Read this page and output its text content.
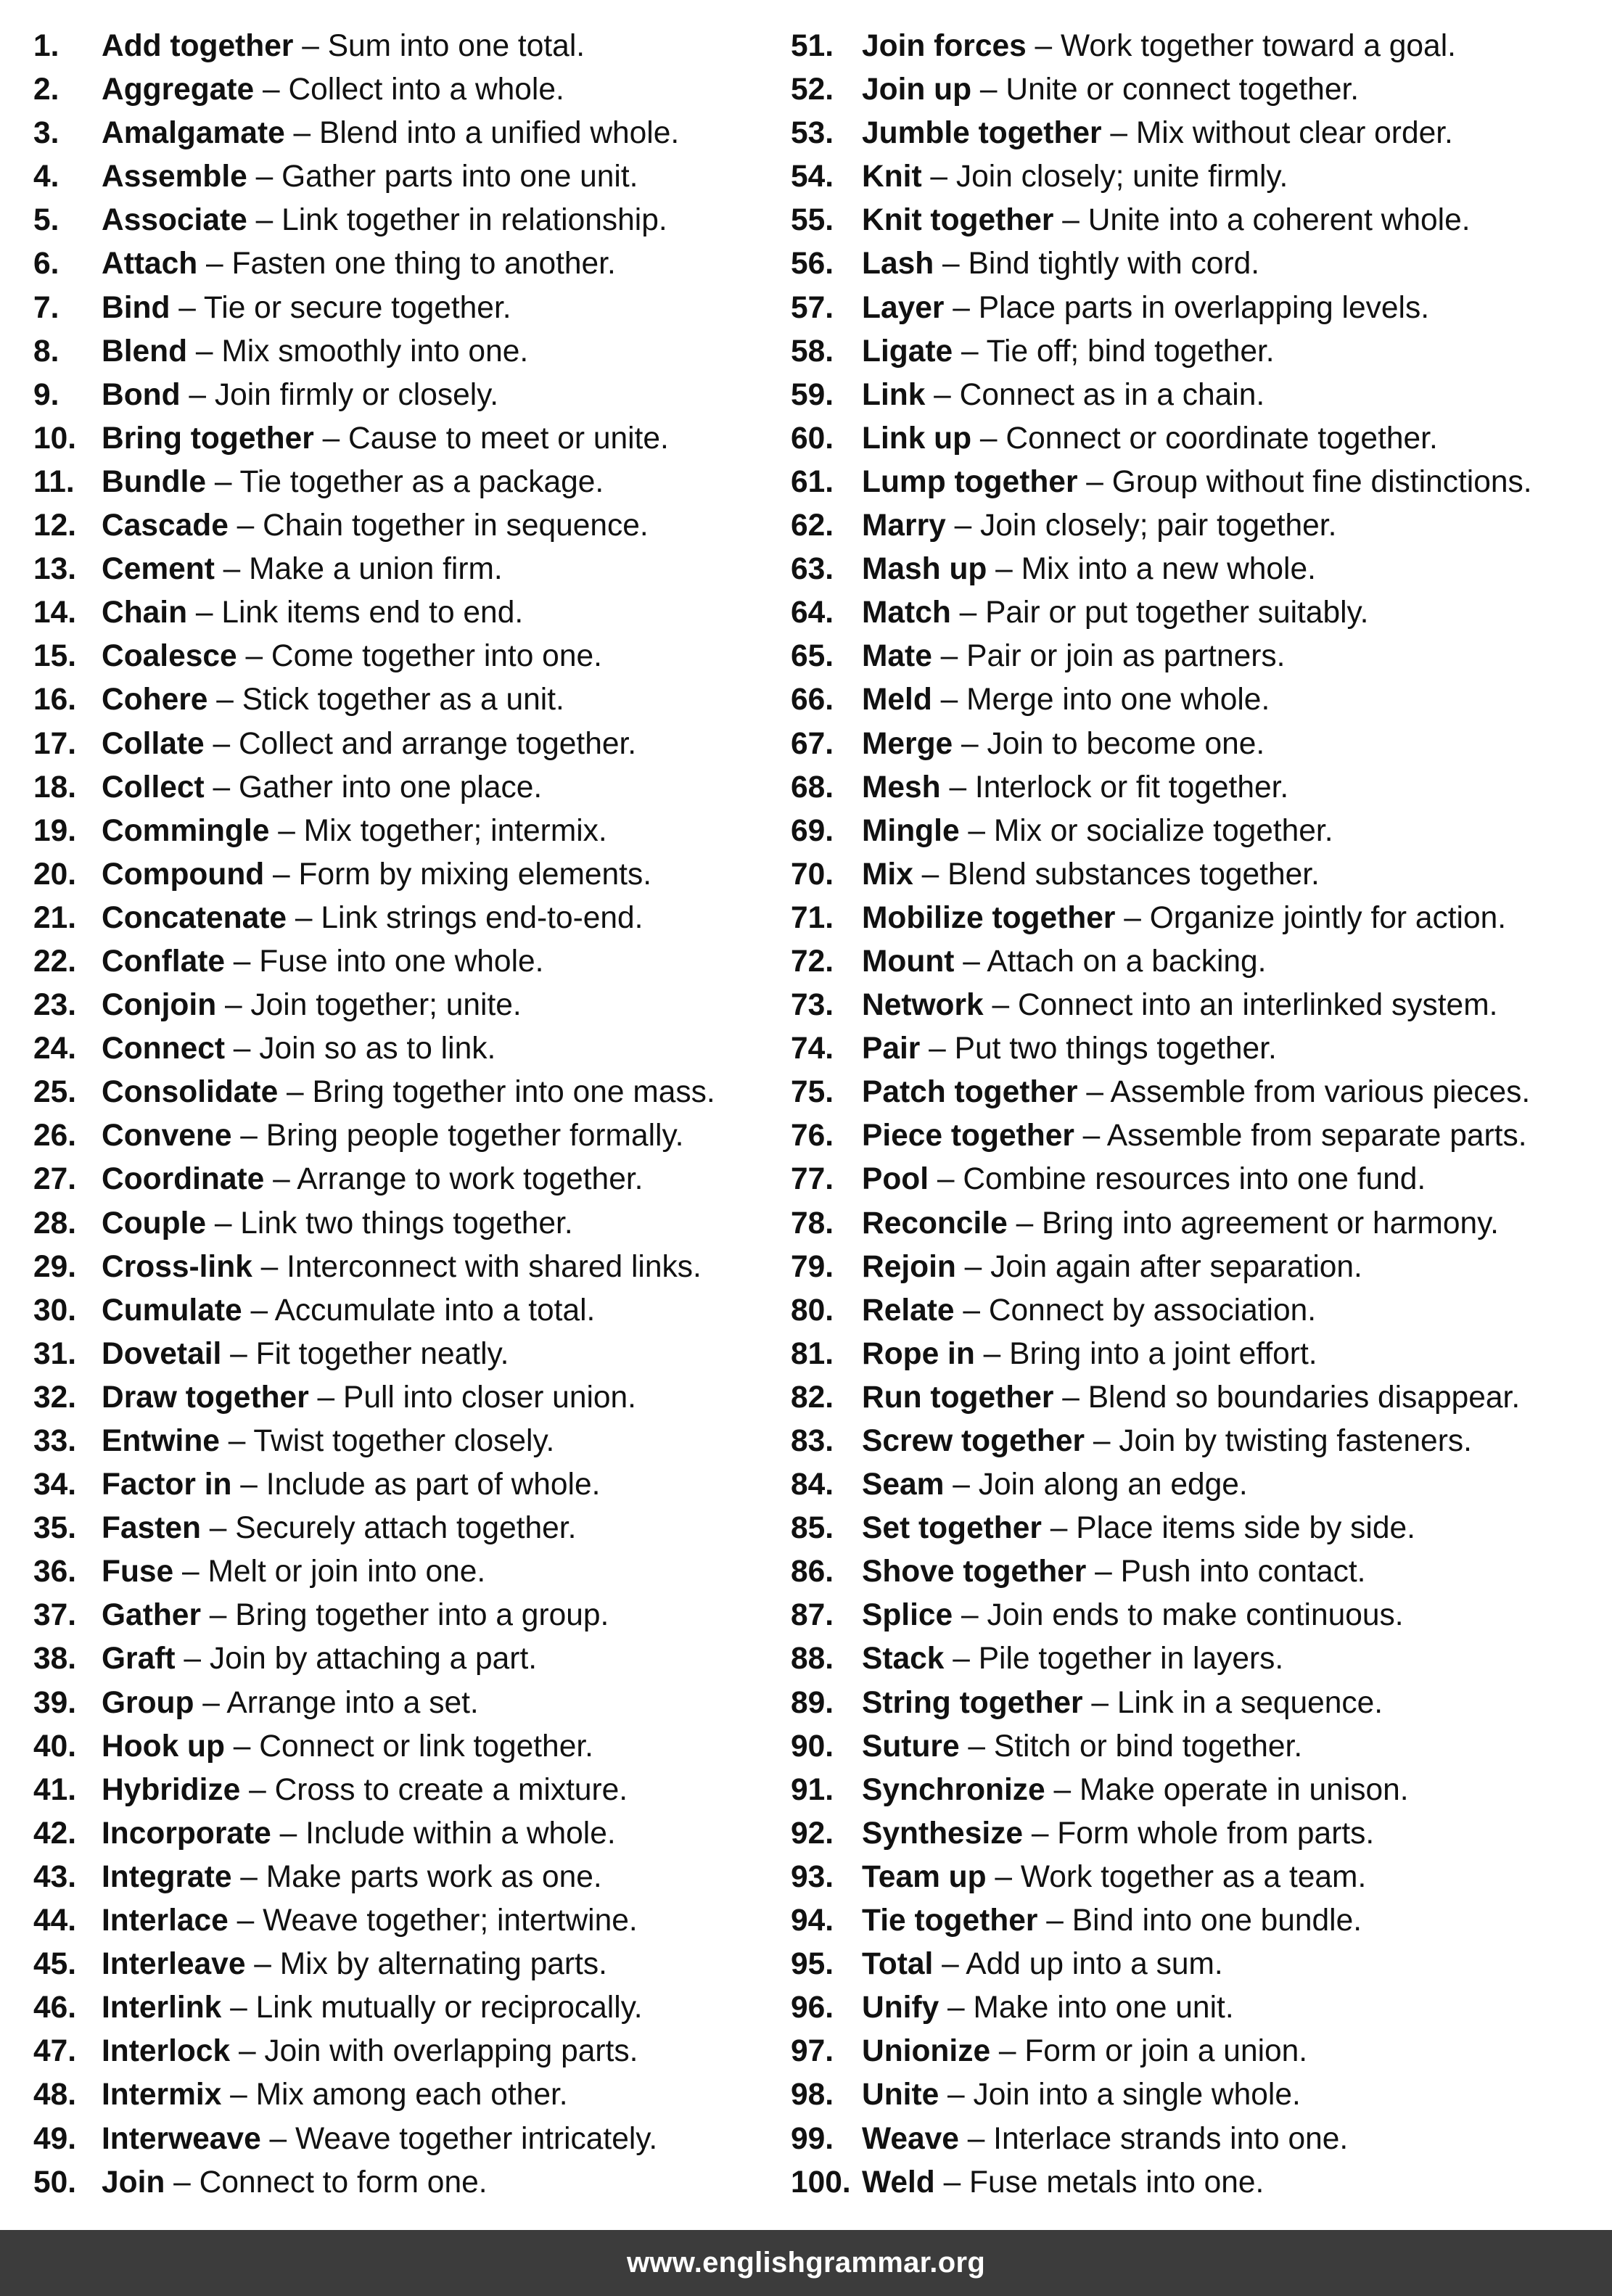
1. Add together – Sum into one total.
2. Aggregate – Collect into a whole.
3. Amalgamate – Blend into a unified whole.
4. Assemble – Gather parts into one unit.
5. Associate – Link together in relationship.
6. Attach – Fasten one thing to another.
7. Bind – Tie or secure together.
8. Blend – Mix smoothly into one.
9. Bond – Join firmly or closely.
10. Bring together – Cause to meet or unite.
11. Bundle – Tie together as a package.
12. Cascade – Chain together in sequence.
13. Cement – Make a union firm.
14. Chain – Link items end to end.
15. Coalesce – Come together into one.
16. Cohere – Stick together as a unit.
17. Collate – Collect and arrange together.
18. Collect – Gather into one place.
19. Commingle – Mix together; intermix.
20. Compound – Form by mixing elements.
21. Concatenate – Link strings end-to-end.
22. Conflate – Fuse into one whole.
23. Conjoin – Join together; unite.
24. Connect – Join so as to link.
25. Consolidate – Bring together into one mass.
26. Convene – Bring people together formally.
27. Coordinate – Arrange to work together.
28. Couple – Link two things together.
29. Cross-link – Interconnect with shared links.
30. Cumulate – Accumulate into a total.
31. Dovetail – Fit together neatly.
32. Draw together – Pull into closer union.
33. Entwine – Twist together closely.
34. Factor in – Include as part of whole.
35. Fasten – Securely attach together.
36. Fuse – Melt or join into one.
37. Gather – Bring together into a group.
38. Graft – Join by attaching a part.
39. Group – Arrange into a set.
40. Hook up – Connect or link together.
41. Hybridize – Cross to create a mixture.
42. Incorporate – Include within a whole.
43. Integrate – Make parts work as one.
44. Interlace – Weave together; intertwine.
45. Interleave – Mix by alternating parts.
46. Interlink – Link mutually or reciprocally.
47. Interlock – Join with overlapping parts.
48. Intermix – Mix among each other.
49. Interweave – Weave together intricately.
50. Join – Connect to form one.
51. Join forces – Work together toward a goal.
52. Join up – Unite or connect together.
53. Jumble together – Mix without clear order.
54. Knit – Join closely; unite firmly.
55. Knit together – Unite into a coherent whole.
56. Lash – Bind tightly with cord.
57. Layer – Place parts in overlapping levels.
58. Ligate – Tie off; bind together.
59. Link – Connect as in a chain.
60. Link up – Connect or coordinate together.
61. Lump together – Group without fine distinctions.
62. Marry – Join closely; pair together.
63. Mash up – Mix into a new whole.
64. Match – Pair or put together suitably.
65. Mate – Pair or join as partners.
66. Meld – Merge into one whole.
67. Merge – Join to become one.
68. Mesh – Interlock or fit together.
69. Mingle – Mix or socialize together.
70. Mix – Blend substances together.
71. Mobilize together – Organize jointly for action.
72. Mount – Attach on a backing.
73. Network – Connect into an interlinked system.
74. Pair – Put two things together.
75. Patch together – Assemble from various pieces.
76. Piece together – Assemble from separate parts.
77. Pool – Combine resources into one fund.
78. Reconcile – Bring into agreement or harmony.
79. Rejoin – Join again after separation.
80. Relate – Connect by association.
81. Rope in – Bring into a joint effort.
82. Run together – Blend so boundaries disappear.
83. Screw together – Join by twisting fasteners.
84. Seam – Join along an edge.
85. Set together – Place items side by side.
86. Shove together – Push into contact.
87. Splice – Join ends to make continuous.
88. Stack – Pile together in layers.
89. String together – Link in a sequence.
90. Suture – Stitch or bind together.
91. Synchronize – Make operate in unison.
92. Synthesize – Form whole from parts.
93. Team up – Work together as a team.
94. Tie together – Bind into one bundle.
95. Total – Add up into a sum.
96. Unify – Make into one unit.
97. Unionize – Form or join a union.
98. Unite – Join into a single whole.
99. Weave – Interlace strands into one.
100. Weld – Fuse metals into one.
www.englishgrammar.org
